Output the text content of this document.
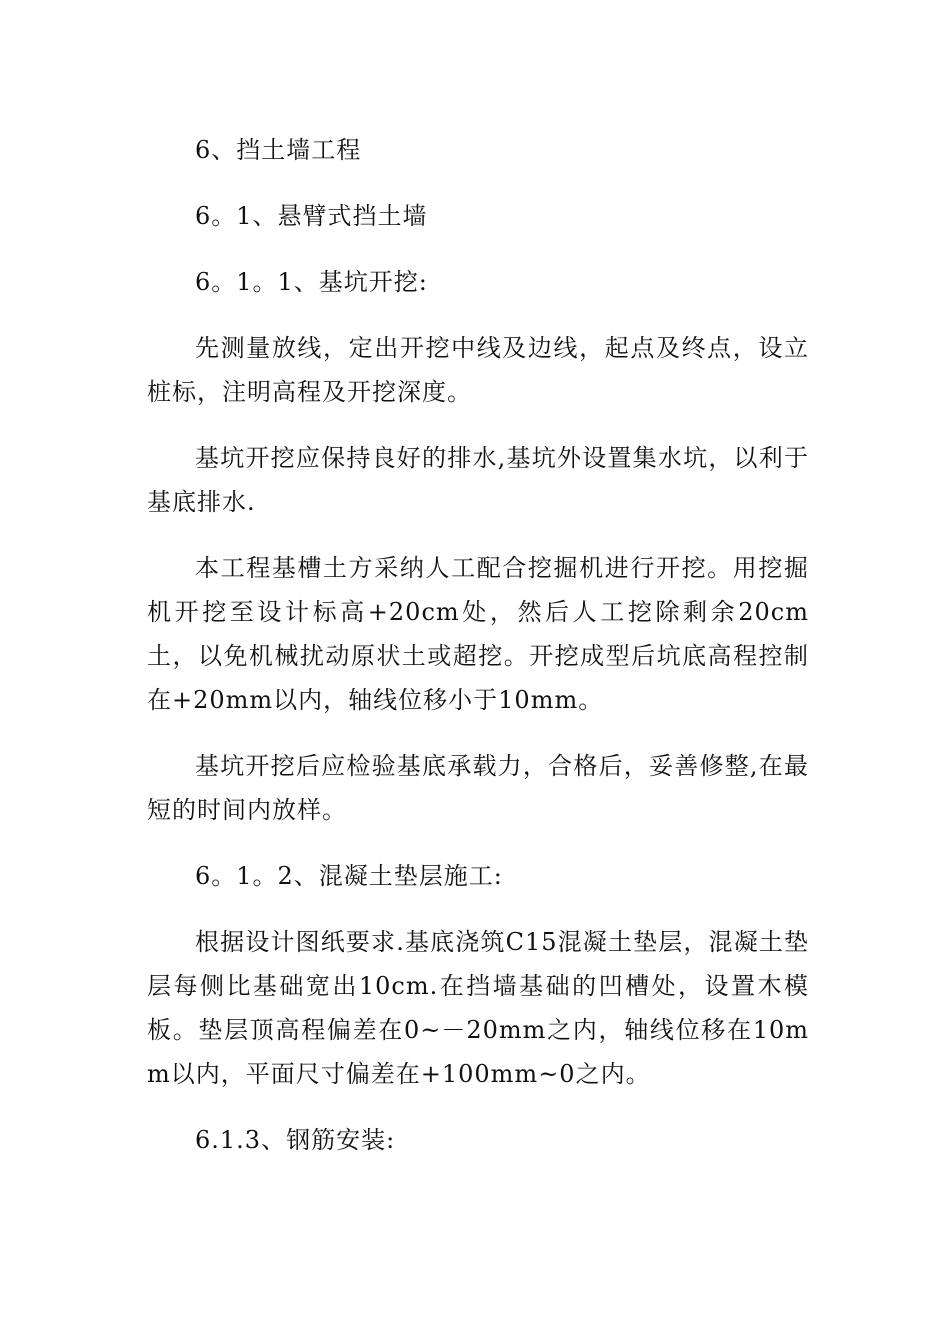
6、挡土墙工程
6。1、悬臂式挡土墙
6。1。1、基坑开挖:

先测量放线，定出开挖中线及边线，起点及终点，设立桩标，注明高程及开挖深度。

基坑开挖应保持良好的排水,基坑外设置集水坑，以利于基底排水.

本工程基槽土方采纳人工配合挖掘机进行开挖。用挖掘机开挖至设计标高+20cm处，然后人工挖除剩余20cm土，以免机械扰动原状土或超挖。开挖成型后坑底高程控制在+20mm以内，轴线位移小于10mm。

基坑开挖后应检验基底承载力，合格后，妥善修整,在最短的时间内放样。

6。1。2、混凝土垫层施工:

根据设计图纸要求.基底浇筑C15混凝土垫层，混凝土垫层每侧比基础宽出10cm.在挡墙基础的凹槽处，设置木模板。垫层顶高程偏差在0~－20mm之内，轴线位移在10mm以内，平面尺寸偏差在+100mm~0之内。

6.1.3、钢筋安装:
